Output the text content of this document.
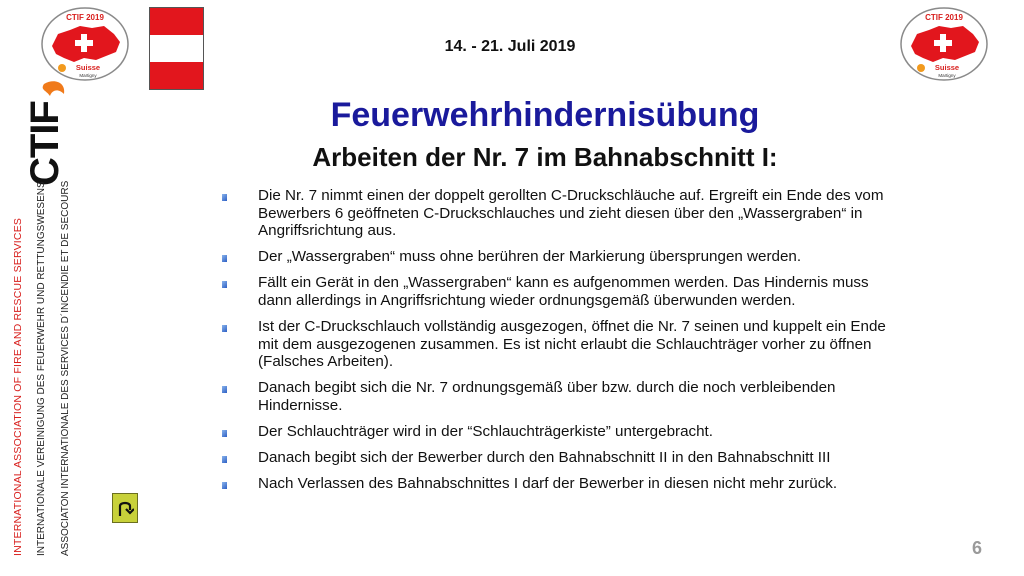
CTIF 2019
Suisse
Martigny
CTIF 2019
Suisse
Martigny
CTIF
INTERNATIONAL ASSOCIATION OF FIRE AND RESCUE SERVICES INTERNATIONALE VEREINIGUNG DES FEUERWEHR UND RETTUNGSWESENS ASSOCIATON INTERNATIONALE DES SERVICES D´INCENDIE ET DE SECOURS
14. - 21. Juli 2019
Feuerwehrhindernisübung
Arbeiten der Nr. 7 im Bahnabschnitt I:
Die Nr. 7 nimmt einen der doppelt gerollten C-Druckschläuche auf. Ergreift ein Ende des vom Bewerbers 6 geöffneten C-Druckschlauches und zieht diesen über den „Wassergraben“ in Angriffsrichtung aus.
Der „Wassergraben“ muss ohne berühren der Markierung übersprungen werden.
Fällt ein Gerät in den „Wassergraben“ kann es aufgenommen werden. Das Hindernis muss dann allerdings in Angriffsrichtung wieder ordnungsgemäß überwunden werden.
Ist der C-Druckschlauch vollständig ausgezogen, öffnet die Nr. 7 seinen und kuppelt ein Ende mit dem ausgezogenen zusammen. Es ist nicht erlaubt die Schlauchträger vorher zu öffnen (Falsches Arbeiten).
Danach begibt sich die Nr. 7 ordnungsgemäß über bzw. durch die noch verbleibenden Hindernisse.
Der Schlauchträger wird in der “Schlauchträgerkiste” untergebracht.
Danach begibt sich der Bewerber durch den Bahnabschnitt II in den Bahnabschnitt III
Nach Verlassen des Bahnabschnittes I darf der Bewerber in diesen nicht mehr zurück.
6
